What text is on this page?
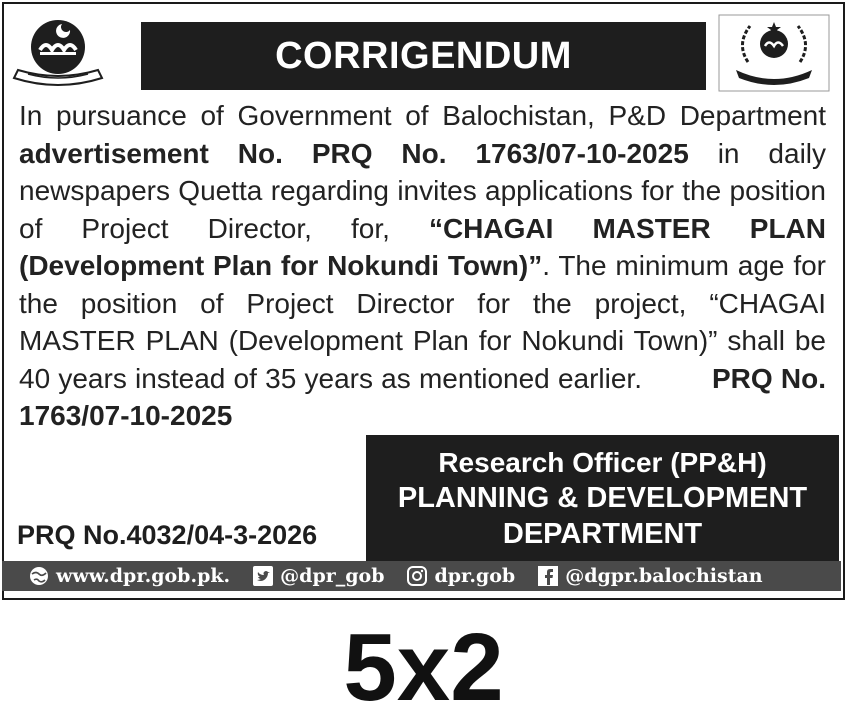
CORRIGENDUM
In pursuance of Government of Balochistan, P&D Department advertisement No. PRQ No. 1763/07-10-2025 in daily newspapers Quetta regarding invites applications for the position of Project Director, for, “CHAGAI MASTER PLAN (Development Plan for Nokundi Town)”. The minimum age for the position of Project Director for the project, “CHAGAI MASTER PLAN (Development Plan for Nokundi Town)” shall be 40 years instead of 35 years as mentioned earlier.	PRQ No. 1763/07-10-2025
Research Officer (PP&H)
PLANNING & DEVELOPMENT
DEPARTMENT
PRQ No.4032/04-3-2026
www.dpr.gob.pk.	@dpr_gob	dpr.gob	@dgpr.balochistan
5x2
